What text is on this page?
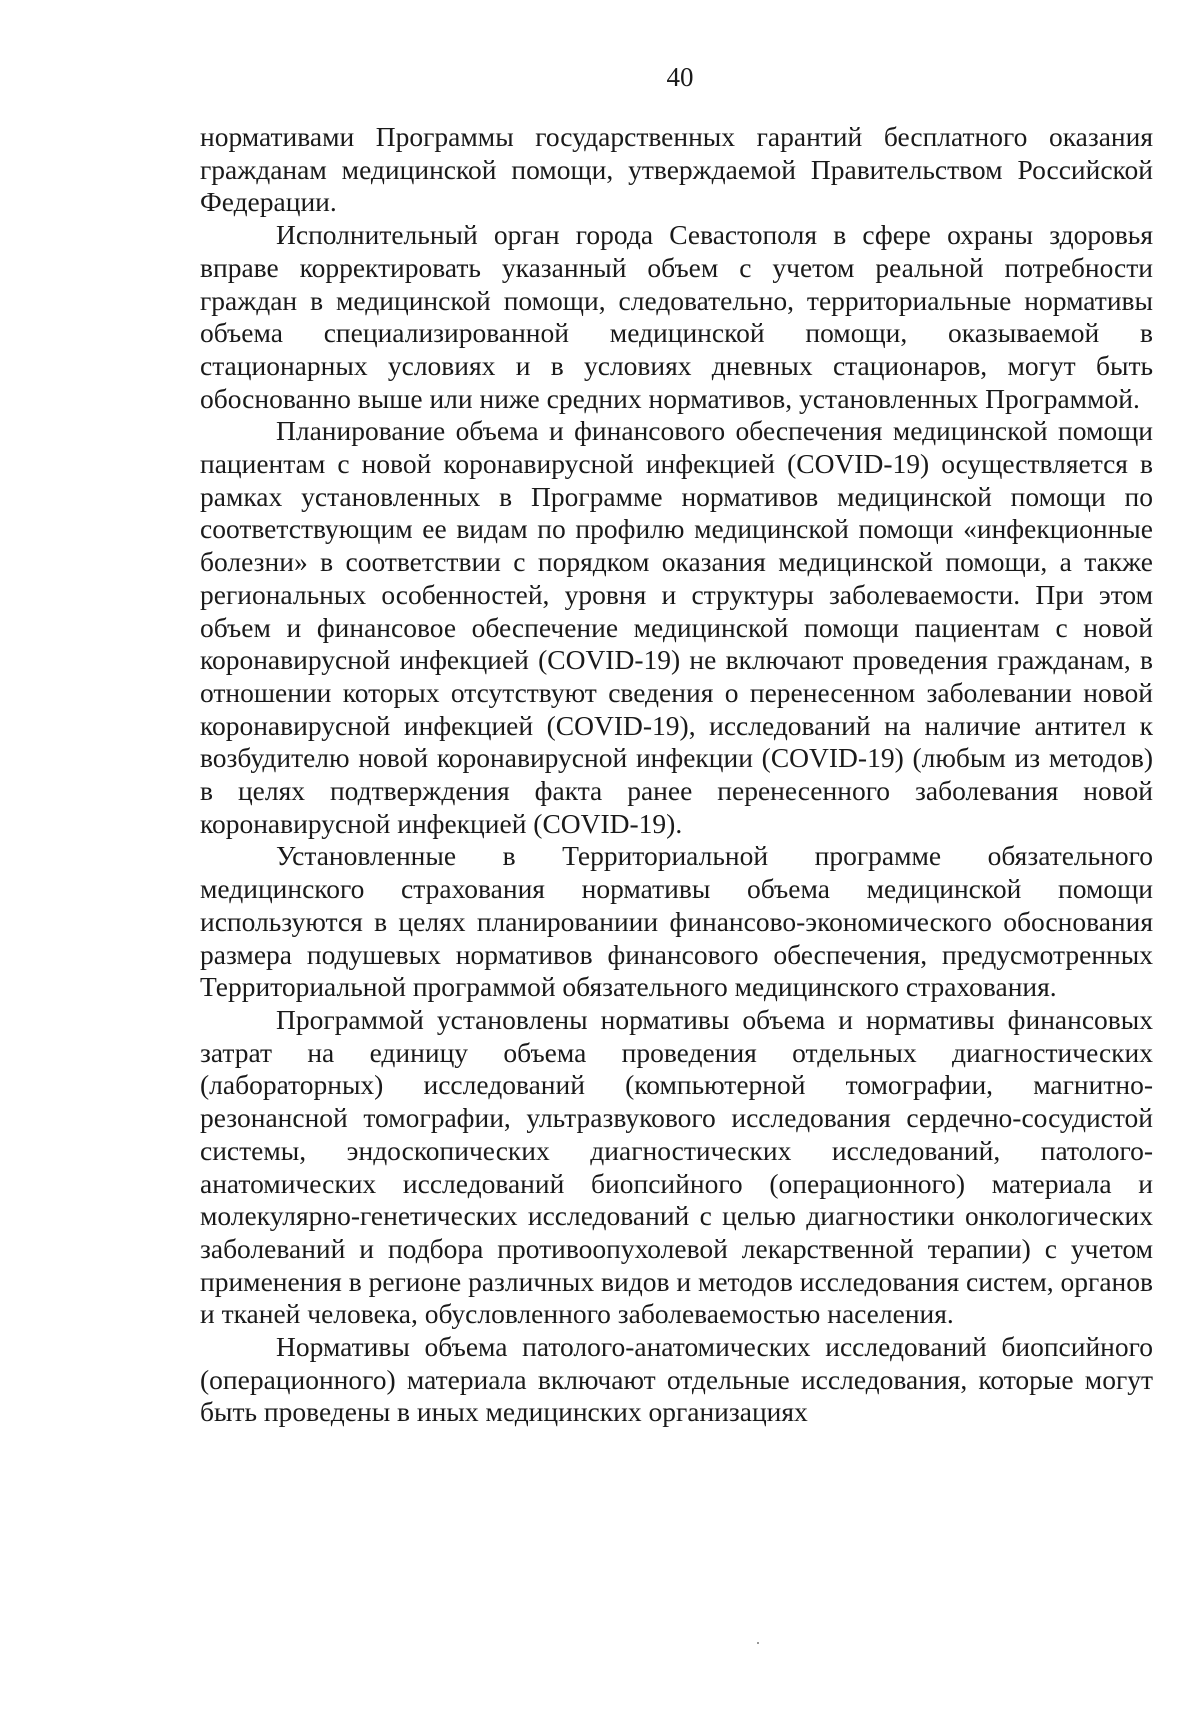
40

нормативами Программы государственных гарантий бесплатного оказания гражданам медицинской помощи, утверждаемой Правительством Российской Федерации.

Исполнительный орган города Севастополя в сфере охраны здоровья вправе корректировать указанный объем с учетом реальной потребности граждан в медицинской помощи, следовательно, территориальные нормативы объема специализированной медицинской помощи, оказываемой в стационарных условиях и в условиях дневных стационаров, могут быть обоснованно выше или ниже средних нормативов, установленных Программой.

Планирование объема и финансового обеспечения медицинской помощи пациентам с новой коронавирусной инфекцией (COVID-19) осуществляется в рамках установленных в Программе нормативов медицинской помощи по соответствующим ее видам по профилю медицинской помощи «инфекционные болезни» в соответствии с порядком оказания медицинской помощи, а также региональных особенностей, уровня и структуры заболеваемости. При этом объем и финансовое обеспечение медицинской помощи пациентам с новой коронавирусной инфекцией (COVID-19) не включают проведения гражданам, в отношении которых отсутствуют сведения о перенесенном заболевании новой коронавирусной инфекцией (COVID-19), исследований на наличие антител к возбудителю новой коронавирусной инфекции (COVID-19) (любым из методов) в целях подтверждения факта ранее перенесенного заболевания новой коронавирусной инфекцией (COVID-19).

Установленные в Территориальной программе обязательного медицинского страхования нормативы объема медицинской помощи используются в целях планированиии финансово-экономического обоснования размера подушевых нормативов финансового обеспечения, предусмотренных Территориальной программой обязательного медицинского страхования.

Программой установлены нормативы объема и нормативы финансовых затрат на единицу объема проведения отдельных диагностических (лабораторных) исследований (компьютерной томографии, магнитно-резонансной томографии, ультразвукового исследования сердечно-сосудистой системы, эндоскопических диагностических исследований, патолого-анатомических исследований биопсийного (операционного) материала и молекулярно-генетических исследований с целью диагностики онкологических заболеваний и подбора противоопухолевой лекарственной терапии) с учетом применения в регионе различных видов и методов исследования систем, органов и тканей человека, обусловленного заболеваемостью населения.

Нормативы объема патолого-анатомических исследований биопсийного (операционного) материала включают отдельные исследования, которые могут быть проведены в иных медицинских организациях
